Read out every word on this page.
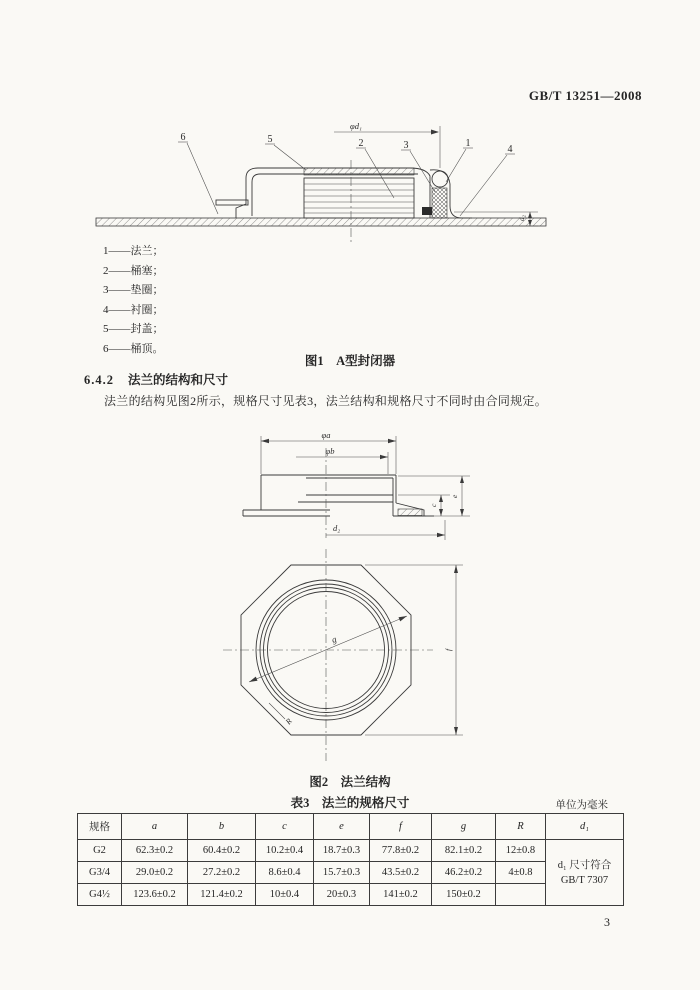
GB/T 13251—2008
φd₁
d₂
6	5	2	3	1
4
1——法兰；
2——桶塞；
3——垫圈；
4——衬圈；
5——封盖；
6——桶顶。
图1　A型封闭器
6.4.2 法兰的结构和尺寸
法兰的结构见图2所示，规格尺寸见表3，法兰结构和规格尺寸不同时由合同规定。
φa
φb
d₂
c
e
g
R
f
图2　法兰结构
表3　法兰的规格尺寸	单位为毫米
规格	a	b	c	e	f	g	R	d₁
G2	62.3±0.2	60.4±0.2	10.2±0.4	18.7±0.3	77.8±0.2	82.1±0.2	12±0.8	d₁ 尺寸符合
GB/T 7307

G3/4	29.0±0.2	27.2±0.2	8.6±0.4	15.7±0.3	43.5±0.2	46.2±0.2	4±0.8	
G4½	123.6±0.2	121.4±0.2	10±0.4	20±0.3	141±0.2	150±0.2		
3
